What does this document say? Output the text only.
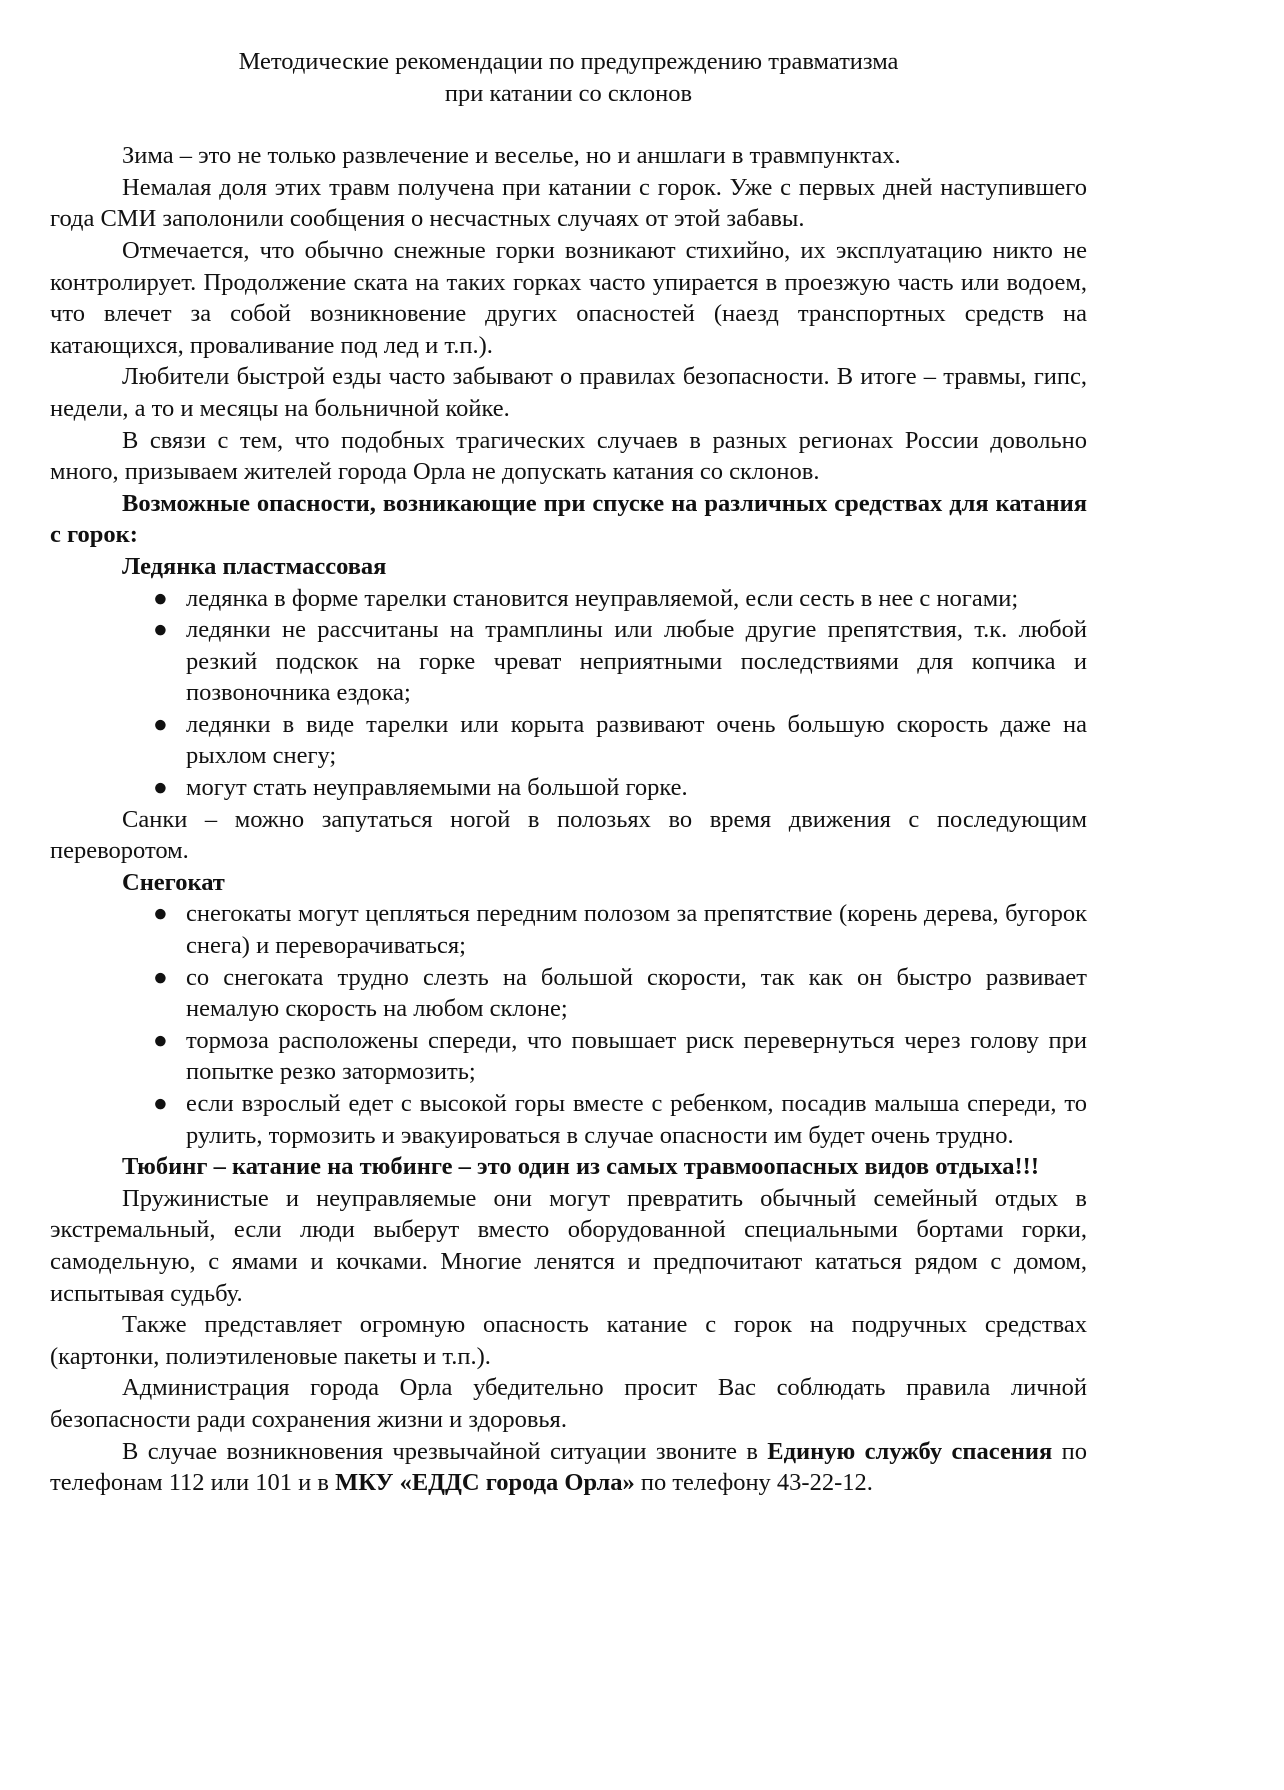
Методические рекомендации по предупреждению травматизма
при катании со склонов

Зима – это не только развлечение и веселье, но и аншлаги в травмпунктах.

Немалая доля этих травм получена при катании с горок. Уже с первых дней наступившего года СМИ заполонили сообщения о несчастных случаях от этой забавы.

Отмечается, что обычно снежные горки возникают стихийно, их эксплуатацию никто не контролирует. Продолжение ската на таких горках часто упирается в проезжую часть или водоем, что влечет за собой возникновение других опасностей (наезд транспортных средств на катающихся, проваливание под лед и т.п.).

Любители быстрой езды часто забывают о правилах безопасности. В итоге – травмы, гипс, недели, а то и месяцы на больничной койке.

В связи с тем, что подобных трагических случаев в разных регионах России довольно много, призываем жителей города Орла не допускать катания со склонов.

Возможные опасности, возникающие при спуске на различных средствах для катания с горок:

Ледянка пластмассовая
● ледянка в форме тарелки становится неуправляемой, если сесть в нее с ногами;
● ледянки не рассчитаны на трамплины или любые другие препятствия, т.к. любой резкий подскок на горке чреват неприятными последствиями для копчика и позвоночника ездока;
● ледянки в виде тарелки или корыта развивают очень большую скорость даже на рыхлом снегу;
● могут стать неуправляемыми на большой горке.

Санки – можно запутаться ногой в полозьях во время движения с последующим переворотом.

Снегокат
● снегокаты могут цепляться передним полозом за препятствие (корень дерева, бугорок снега) и переворачиваться;
● со снегоката трудно слезть на большой скорости, так как он быстро развивает немалую скорость на любом склоне;
● тормоза расположены спереди, что повышает риск перевернуться через голову при попытке резко затормозить;
● если взрослый едет с высокой горы вместе с ребенком, посадив малыша спереди, то рулить, тормозить и эвакуироваться в случае опасности им будет очень трудно.

Тюбинг – катание на тюбинге – это один из самых травмоопасных видов отдыха!!!

Пружинистые и неуправляемые они могут превратить обычный семейный отдых в экстремальный, если люди выберут вместо оборудованной специальными бортами горки, самодельную, с ямами и кочками. Многие ленятся и предпочитают кататься рядом с домом, испытывая судьбу.

Также представляет огромную опасность катание с горок на подручных средствах (картонки, полиэтиленовые пакеты и т.п.).

Администрация города Орла убедительно просит Вас соблюдать правила личной безопасности ради сохранения жизни и здоровья.

В случае возникновения чрезвычайной ситуации звоните в Единую службу спасения по телефонам 112 или 101 и в МКУ «ЕДДС города Орла» по телефону 43-22-12.
